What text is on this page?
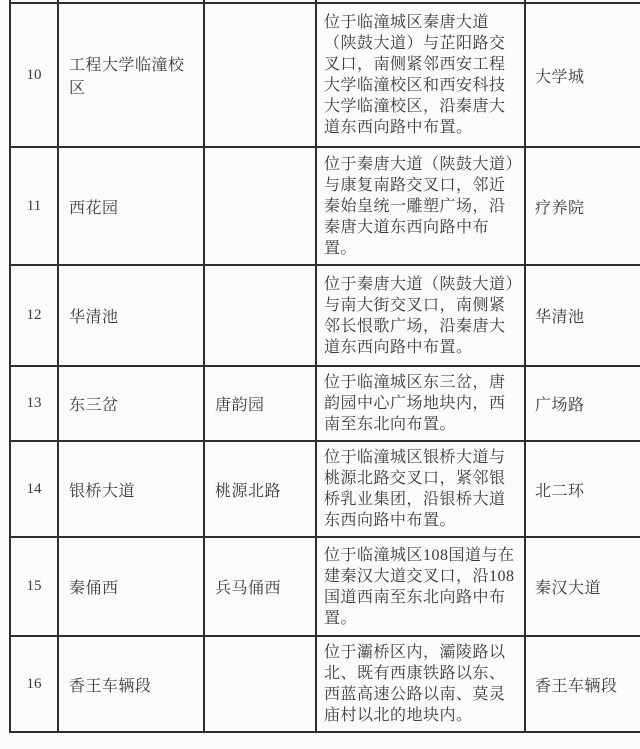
10	工程大学临潼校区		位于临潼城区秦唐大道（陕鼓大道）与芷阳路交叉口，南侧紧邻西安工程大学临潼校区和西安科技大学临潼校区，沿秦唐大道东西向路中布置。	大学城
11	西花园		位于秦唐大道（陕鼓大道）与康复南路交叉口，邻近秦始皇统一雕塑广场，沿秦唐大道东西向路中布置。	疗养院
12	华清池		位于秦唐大道（陕鼓大道）与南大街交叉口，南侧紧邻长恨歌广场，沿秦唐大道东西向路中布置。	华清池
13	东三岔	唐韵园	位于临潼城区东三岔，唐韵园中心广场地块内，西南至东北向布置。	广场路
14	银桥大道	桃源北路	位于临潼城区银桥大道与桃源北路交叉口，紧邻银桥乳业集团，沿银桥大道东西向路中布置。	北二环
15	秦俑西	兵马俑西	位于临潼城区108国道与在建秦汉大道交叉口，沿108国道西南至东北向路中布置。	秦汉大道
16	香王车辆段		位于灞桥区内，灞陵路以北、既有西康铁路以东、西蓝高速公路以南、莫灵庙村以北的地块内。	香王车辆段
